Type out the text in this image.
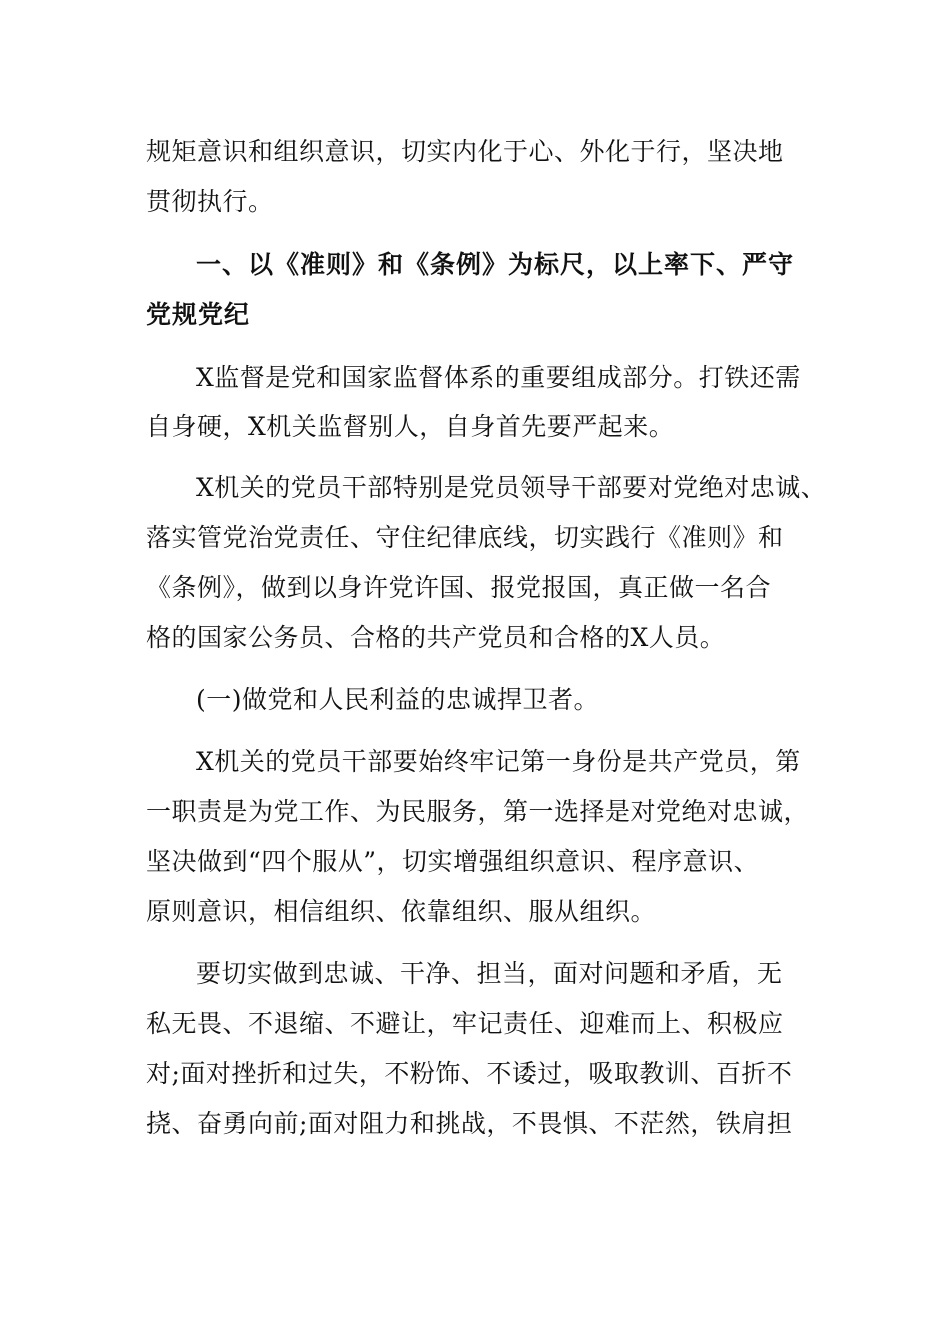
规矩意识和组织意识，切实内化于心、外化于行，坚决地
贯彻执行。
一、以《准则》和《条例》为标尺，以上率下、严守
党规党纪
X监督是党和国家监督体系的重要组成部分。打铁还需
自身硬，X机关监督别人，自身首先要严起来。
X机关的党员干部特别是党员领导干部要对党绝对忠诚、
落实管党治党责任、守住纪律底线，切实践行《准则》和
《条例》，做到以身许党许国、报党报国，真正做一名合
格的国家公务员、合格的共产党员和合格的X人员。
(一)做党和人民利益的忠诚捍卫者。
X机关的党员干部要始终牢记第一身份是共产党员，第
一职责是为党工作、为民服务，第一选择是对党绝对忠诚，
坚决做到“四个服从”，切实增强组织意识、程序意识、
原则意识，相信组织、依靠组织、服从组织。
要切实做到忠诚、干净、担当，面对问题和矛盾，无
私无畏、不退缩、不避让，牢记责任、迎难而上、积极应
对;面对挫折和过失，不粉饰、不诿过，吸取教训、百折不
挠、奋勇向前;面对阻力和挑战，不畏惧、不茫然，铁肩担
